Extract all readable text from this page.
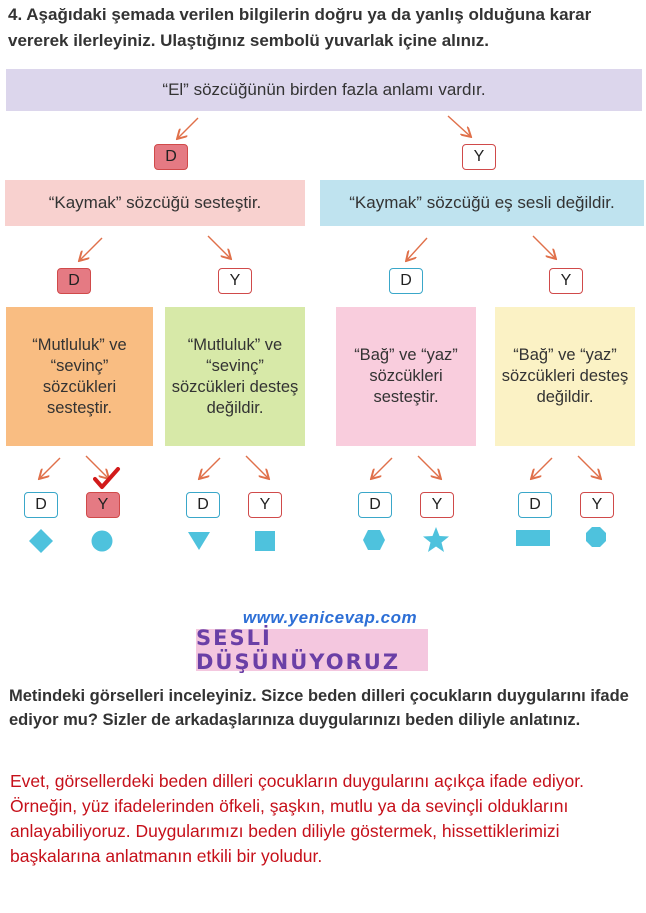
4. Aşağıdaki şemada verilen bilgilerin doğru ya da yanlış olduğuna karar vererek ilerleyiniz. Ulaştığınız sembolü yuvarlak içine alınız.
“El” sözcüğünün birden fazla anlamı vardır.
D	Y
“Kaymak” sözcüğü sesteştir.	“Kaymak” sözcüğü eş sesli değildir.
D	Y	D	Y
“Mutluluk” ve “sevinç” sözcükleri sesteştir.
“Mutluluk” ve “sevinç” sözcükleri desteş değildir.
“Bağ” ve “yaz” sözcükleri sesteştir.
“Bağ” ve “yaz” sözcükleri desteş değildir.
D	Y	D	Y	D	Y	D	Y
www.yenicevap.com
SESLİ DÜŞÜNÜYORUZ
Metindeki görselleri inceleyiniz. Sizce beden dilleri çocukların duygularını ifade ediyor mu? Sizler de arkadaşlarınıza duygularınızı beden diliyle anlatınız.
Evet, görsellerdeki beden dilleri çocukların duygularını açıkça ifade ediyor. Örneğin, yüz ifadelerinden öfkeli, şaşkın, mutlu ya da sevinçli olduklarını anlayabiliyoruz. Duygularımızı beden diliyle göstermek, hissettiklerimizi başkalarına anlatmanın etkili bir yoludur.
